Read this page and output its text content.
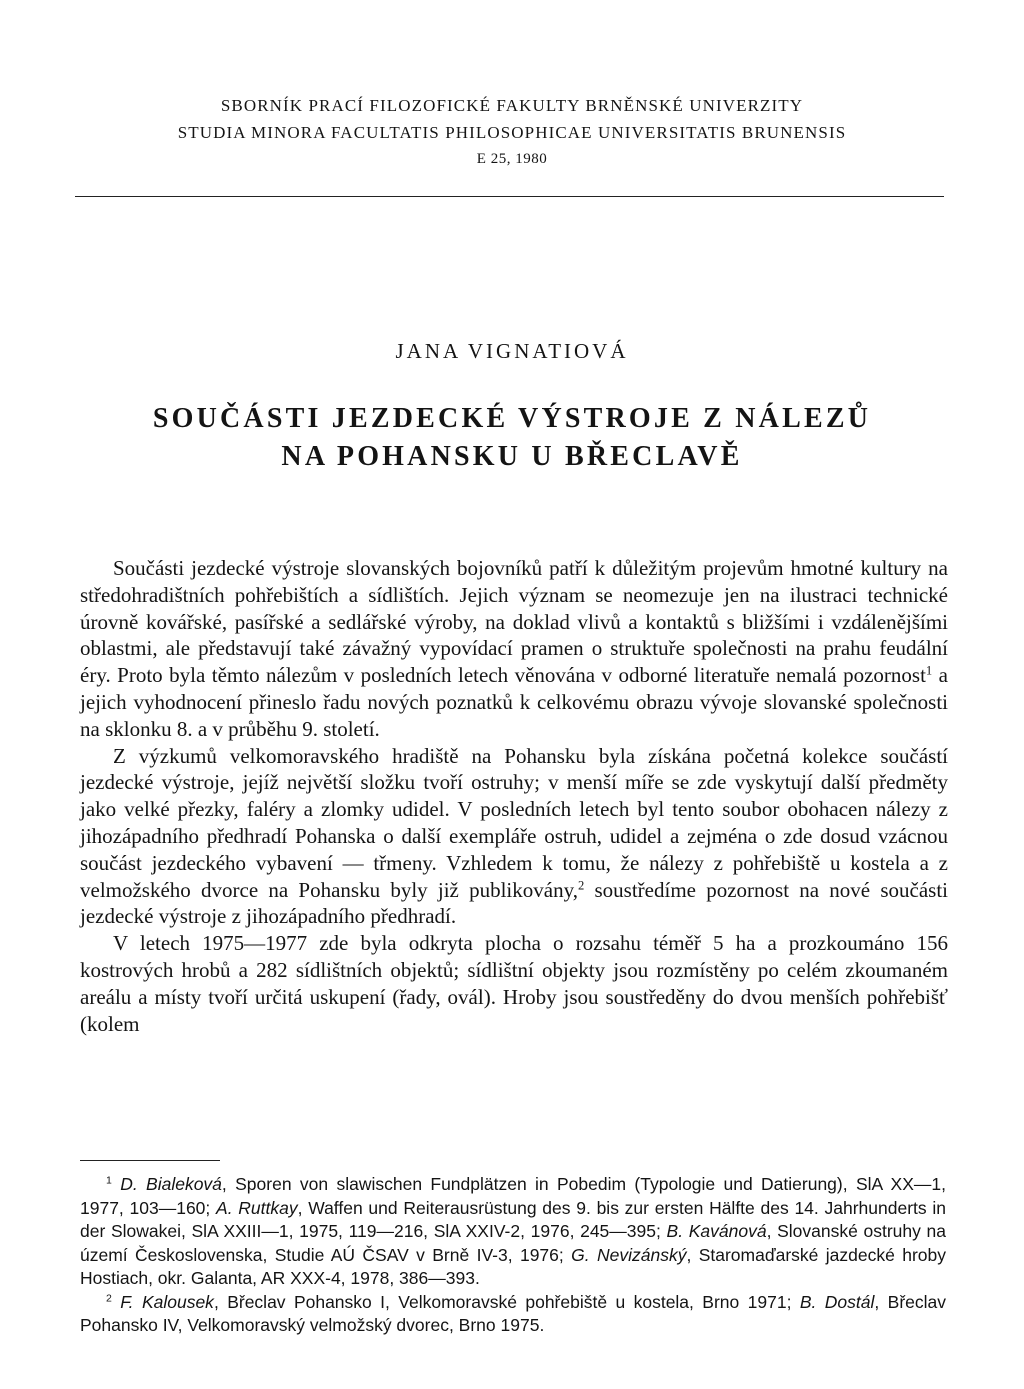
SBORNÍK PRACÍ FILOZOFICKÉ FAKULTY BRNĚNSKÉ UNIVERZITY
STUDIA MINORA FACULTATIS PHILOSOPHICAE UNIVERSITATIS BRUNENSIS
E 25, 1980
JANA VIGNATIOVÁ
SOUČÁSTI JEZDECKÉ VÝSTROJE Z NÁLEZŮ
NA POHANSKU U BŘECLAVĚ

Součásti jezdecké výstroje slovanských bojovníků patří k důležitým projevům hmotné kultury na středohradištních pohřebištích a sídlištích. Jejich význam se neomezuje jen na ilustraci technické úrovně kovářské, pasířské a sedlářské výroby, na doklad vlivů a kontaktů s bližšími i vzdálenějšími oblastmi, ale představují také závažný vypovídací pramen o struktuře společnosti na prahu feudální éry. Proto byla těmto nálezům v posledních letech věnována v odborné literatuře nemalá pozornost$^1$ a jejich vyhodnocení přineslo řadu nových poznatků k celkovému obrazu vývoje slovanské společnosti na sklonku 8. a v průběhu 9. století.

Z výzkumů velkomoravského hradiště na Pohansku byla získána početná kolekce součástí jezdecké výstroje, jejíž největší složku tvoří ostruhy; v menší míře se zde vyskytují další předměty jako velké přezky, faléry a zlomky udidel. V posledních letech byl tento soubor obohacen nálezy z jihozápadního předhradí Pohanska o další exempláře ostruh, udidel a zejména o zde dosud vzácnou součást jezdeckého vybavení — třmeny. Vzhledem k tomu, že nálezy z pohřebiště u kostela a z velmožského dvorce na Pohansku byly již publikovány,$^2$ soustředíme pozornost na nové součásti jezdecké výstroje z jihozápadního předhradí.

V letech 1975—1977 zde byla odkryta plocha o rozsahu téměř 5 ha a prozkoumáno 156 kostrových hrobů a 282 sídlištních objektů; sídlištní objekty jsou rozmístěny po celém zkoumaném areálu a místy tvoří určitá uskupení (řady, ovál). Hroby jsou soustředěny do dvou menších pohřebišť (kolem

$^1$ D. Bialeková, Sporen von slawischen Fundplätzen in Pobedim (Typologie und Datierung), SlA XX—1, 1977, 103—160; A. Ruttkay, Waffen und Reiterausrüstung des 9. bis zur ersten Hälfte des 14. Jahrhunderts in der Slowakei, SlA XXIII—1, 1975, 119—216, SlA XXIV-2, 1976, 245—395; B. Kavánová, Slovanské ostruhy na území Československa, Studie AÚ ČSAV v Brně IV-3, 1976; G. Nevizánský, Staromaďarské jazdecké hroby Hostiach, okr. Galanta, AR XXX-4, 1978, 386—393.

$^2$ F. Kalousek, Břeclav Pohansko I, Velkomoravské pohřebiště u kostela, Brno 1971; B. Dostál, Břeclav Pohansko IV, Velkomoravský velmožský dvorec, Brno 1975.
